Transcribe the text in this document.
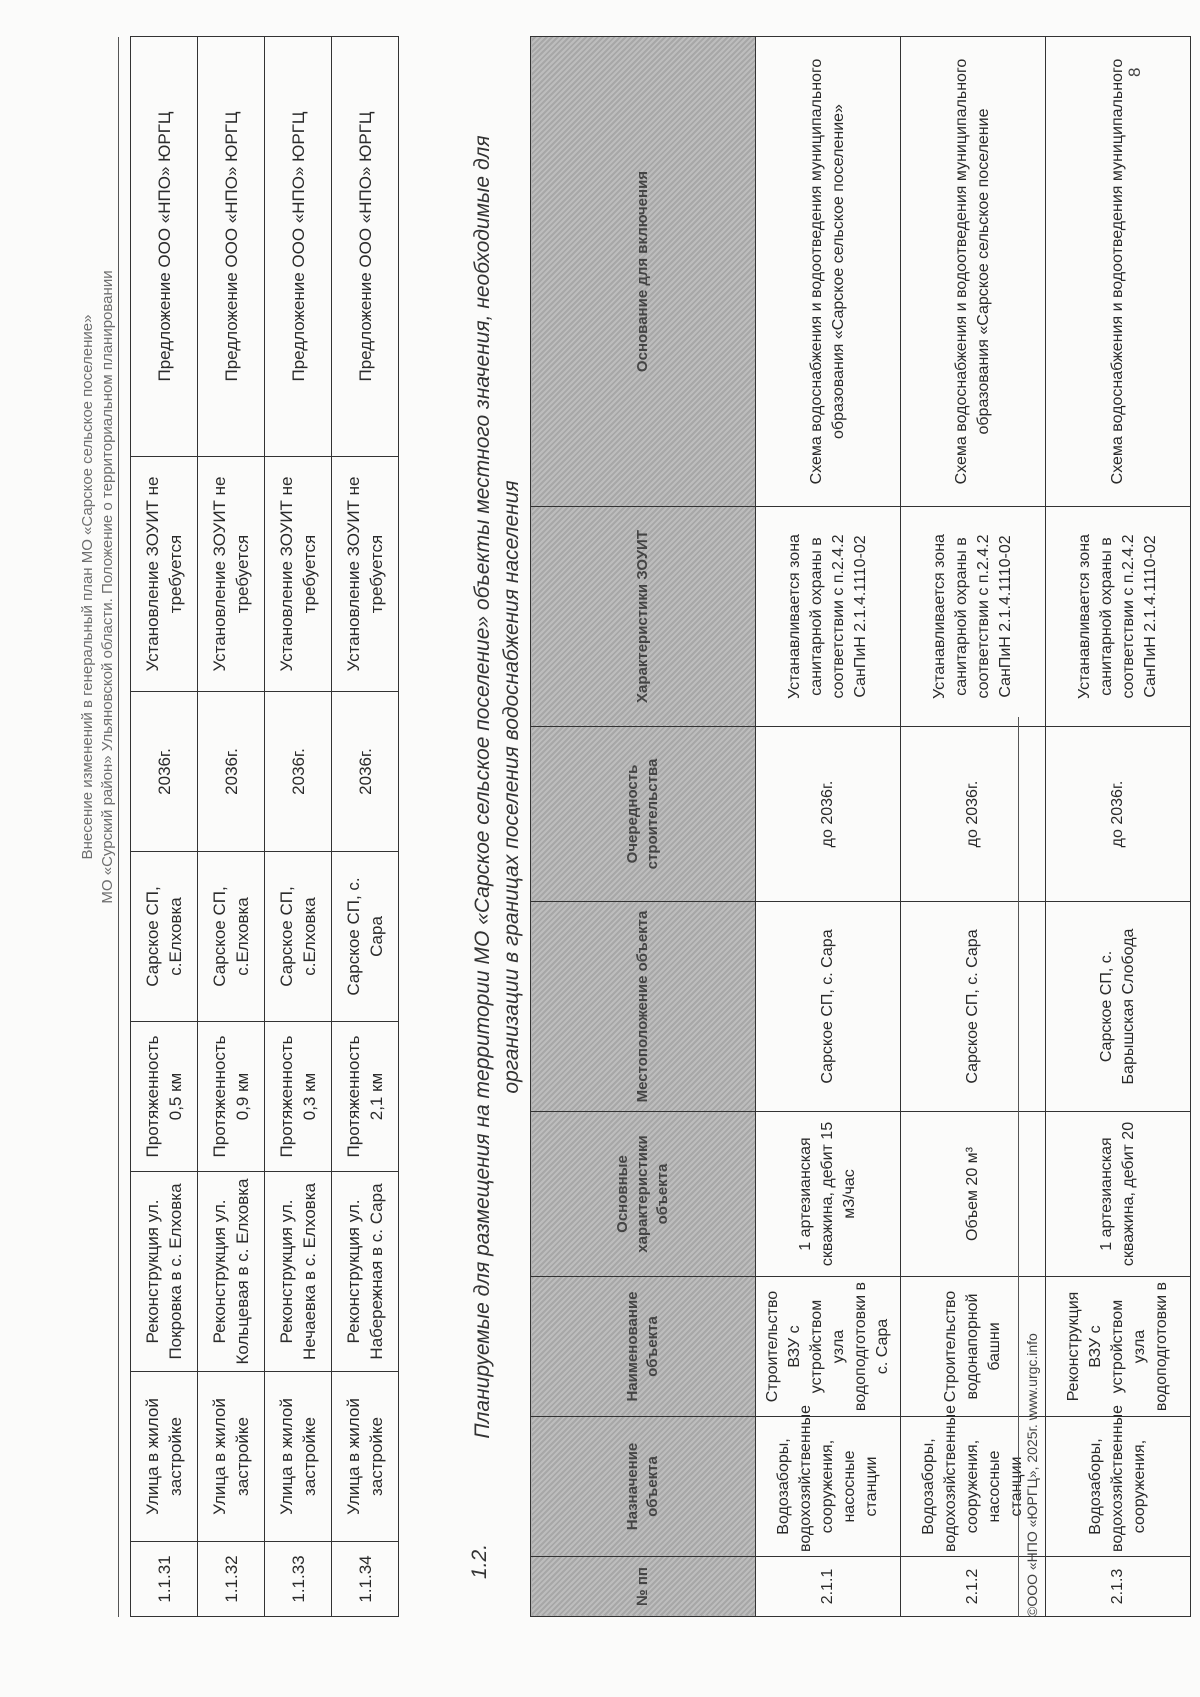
Внесение изменений в генеральный план МО «Сарское сельское поселение» МО «Сурский район» Ульяновской области. Положение о территориальном планировании
1.1.31	Улица в жилой застройке	Реконструкция ул. Покровка в с. Елховка	Протяженность 0,5 км	Сарское СП, с.Елховка	2036г.	Установление ЗОУИТ не требуется	Предложение ООО «НПО» ЮРГЦ
1.1.32	Улица в жилой застройке	Реконструкция ул. Кольцевая в с. Елховка	Протяженность 0,9 км	Сарское СП, с.Елховка	2036г.	Установление ЗОУИТ не требуется	Предложение ООО «НПО» ЮРГЦ
1.1.33	Улица в жилой застройке	Реконструкция ул. Нечаевка в с. Елховка	Протяженность 0,3 км	Сарское СП, с.Елховка	2036г.	Установление ЗОУИТ не требуется	Предложение ООО «НПО» ЮРГЦ
1.1.34	Улица в жилой застройке	Реконструкция ул. Набережная в с. Сара	Протяженность 2,1 км	Сарское СП, с. Сара	2036г.	Установление ЗОУИТ не требуется	Предложение ООО «НПО» ЮРГЦ
1.2.
Планируемые для размещения на территории МО «Сарское сельское поселение» объекты местного значения, необходимые для организации в границах поселения водоснабжения населения
№ пп	Назначение объекта	Наименование объекта	Основные характеристики объекта	Местоположение объекта	Очередность строительства	Характеристики ЗОУИТ	Основание для включения
2.1.1	Водозаборы, водохозяйственные сооружения, насосные станции	Строительство ВЗУ с устройством узла водоподготовки в с. Сара	1 артезианская скважина, дебит 15 м3/час	Сарское СП, с. Сара	до 2036г.	Устанавливается зона санитарной охраны в соответствии с п.2.4.2 СанПиН 2.1.4.1110-02	Схема водоснабжения и водоотведения муниципального образования «Сарское сельское поселение»
2.1.2	Водозаборы, водохозяйственные сооружения, насосные станции	Строительство водонапорной башни	Объем 20 м³	Сарское СП, с. Сара	до 2036г.	Устанавливается зона санитарной охраны в соответствии с п.2.4.2 СанПиН 2.1.4.1110-02	Схема водоснабжения и водоотведения муниципального образования «Сарское сельское поселение
2.1.3	Водозаборы, водохозяйственные сооружения,	Реконструкция ВЗУ с устройством узла водоподготовки в	1 артезианская скважина, дебит 20	Сарское СП, с. Барышская Слобода	до 2036г.	Устанавливается зона санитарной охраны в соответствии с п.2.4.2 СанПиН 2.1.4.1110-02	Схема водоснабжения и водоотведения муниципального
©ООО «НПО «ЮРГЦ», 2025г. www.urgc.info
8
